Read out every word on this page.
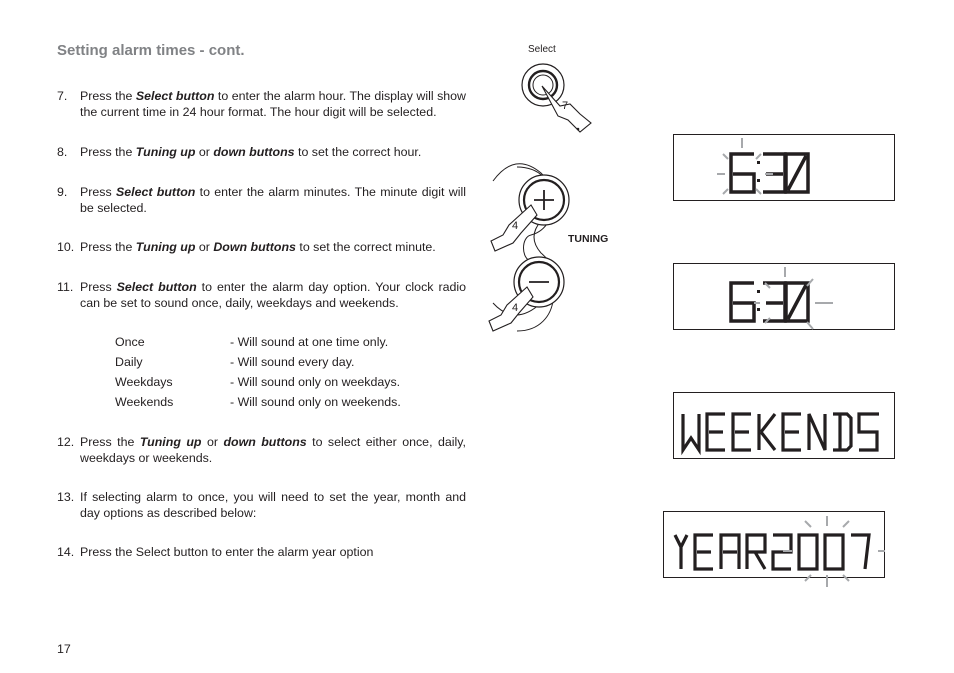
Setting alarm times - cont.
7. Press the Select button to enter the alarm hour. The display will show the current time in 24 hour format. The hour digit will be selected.
8. Press the Tuning up or down buttons to set the correct hour.
9. Press Select button to enter the alarm minutes. The minute digit will be selected.
10. Press the Tuning up or Down buttons to set the correct minute.
11. Press Select button to enter the alarm day option. Your clock radio can be set to sound once, daily, weekdays and weekends.
12. Press the Tuning up or down buttons to select either once, daily, weekdays or weekends.
13. If selecting alarm to once, you will need to set the year, month and day options as described below:
14. Press the Select button to enter the alarm year option
Once	- Will sound at one time only.
Daily	- Will sound every day.
Weekdays	- Will sound only on weekdays.
Weekends	- Will sound only on weekends.
17
Select
7
4
4
TUNING
